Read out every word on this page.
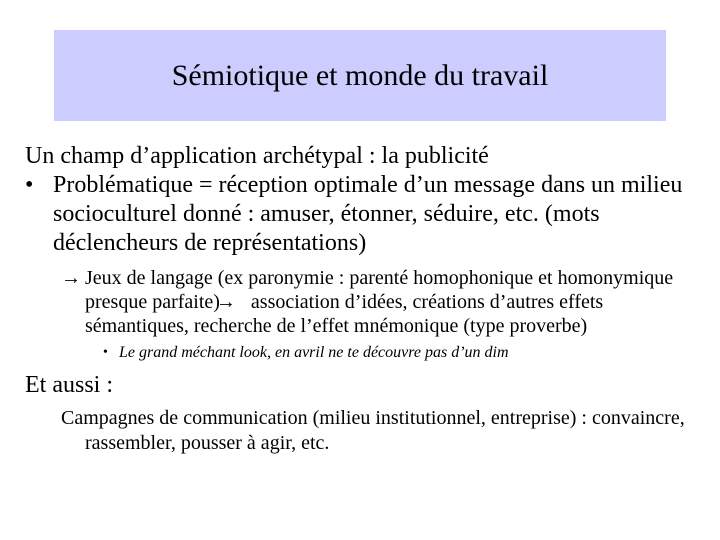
Sémiotique et monde du travail

Un champ d’application archétypal : la publicité

• Problématique = réception optimale d’un message dans un milieu socioculturel donné : amuser, étonner, séduire, etc. (mots déclencheurs de représentations)

→ Jeux de langage (ex paronymie : parenté homophonique et homonymique presque parfaite) → association d’idées, créations d’autres effets sémantiques, recherche de l’effet mnémonique (type proverbe)

• Le grand méchant look, en avril ne te découvre pas d’un dim

Et aussi :

Campagnes de communication (milieu institutionnel, entreprise) : convaincre, rassembler, pousser à agir, etc.
